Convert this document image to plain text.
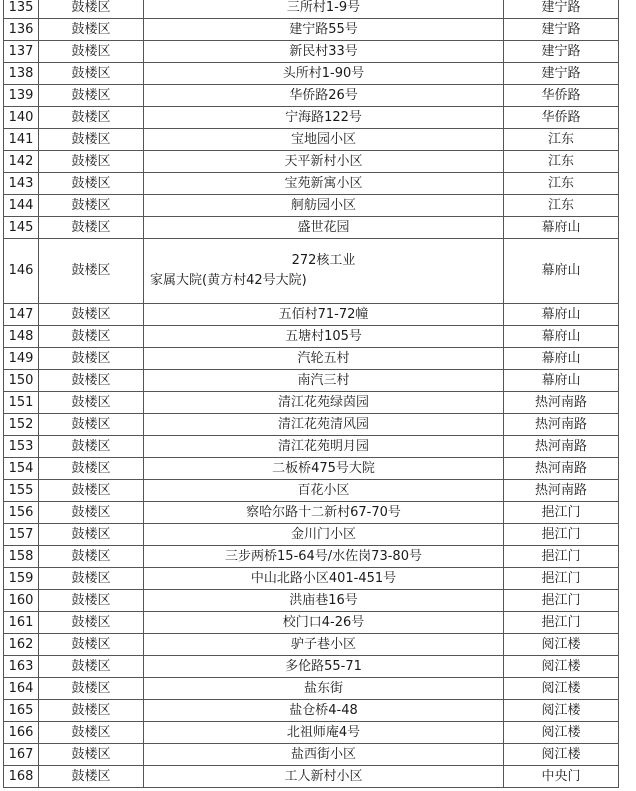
135	鼓楼区	三所村1-9号	建宁路
136	鼓楼区	建宁路55号	建宁路
137	鼓楼区	新民村33号	建宁路
138	鼓楼区	头所村1-90号	建宁路
139	鼓楼区	华侨路26号	华侨路
140	鼓楼区	宁海路122号	华侨路
141	鼓楼区	宝地园小区	江东
142	鼓楼区	天平新村小区	江东
143	鼓楼区	宝苑新寓小区	江东
144	鼓楼区	舸舫园小区	江东
145	鼓楼区	盛世花园	幕府山
146	鼓楼区	272核工业
家属大院(黄方村42号大院)	幕府山
147	鼓楼区	五佰村71-72幢	幕府山
148	鼓楼区	五塘村105号	幕府山
149	鼓楼区	汽轮五村	幕府山
150	鼓楼区	南汽三村	幕府山
151	鼓楼区	清江花苑绿茵园	热河南路
152	鼓楼区	清江花苑清风园	热河南路
153	鼓楼区	清江花苑明月园	热河南路
154	鼓楼区	二板桥475号大院	热河南路
155	鼓楼区	百花小区	热河南路
156	鼓楼区	察哈尔路十二新村67-70号	挹江门
157	鼓楼区	金川门小区	挹江门
158	鼓楼区	三步两桥15-64号/水佐岗73-80号	挹江门
159	鼓楼区	中山北路小区401-451号	挹江门
160	鼓楼区	洪庙巷16号	挹江门
161	鼓楼区	校门口4-26号	挹江门
162	鼓楼区	驴子巷小区	阅江楼
163	鼓楼区	多伦路55-71	阅江楼
164	鼓楼区	盐东街	阅江楼
165	鼓楼区	盐仓桥4-48	阅江楼
166	鼓楼区	北祖师庵4号	阅江楼
167	鼓楼区	盐西街小区	阅江楼
168	鼓楼区	工人新村小区	中央门
